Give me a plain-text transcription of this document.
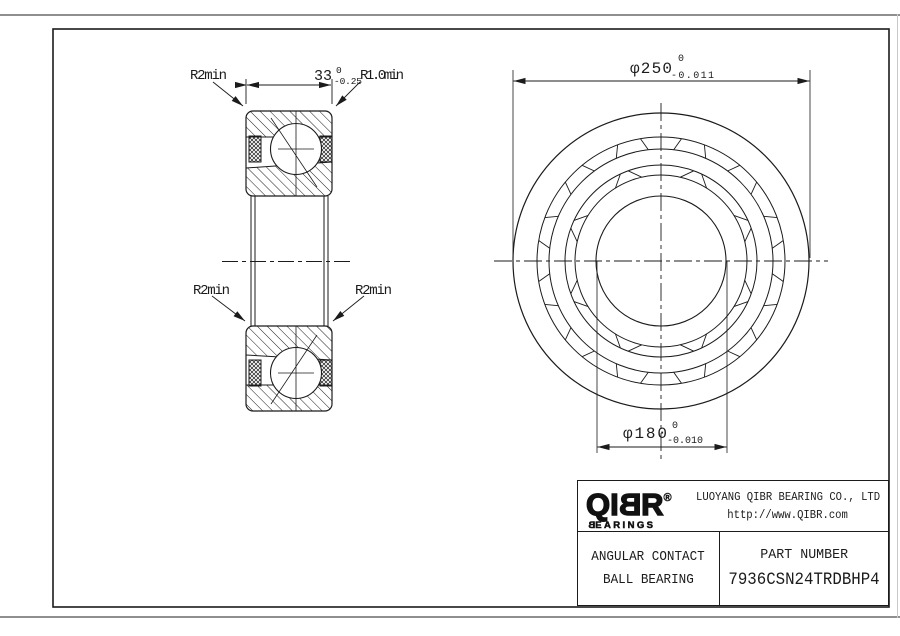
R2min	R1.0min
33 0
-0.25
R2min	R2min
φ250
0
-0.011
φ180 0
-0.010
QIBR®
BEARINGS
LUOYANG QIBR BEARING CO., LTD
http://www.QIBR.com
ANGULAR CONTACT
BALL BEARING
PART NUMBER
7936CSN24TRDBHP4
